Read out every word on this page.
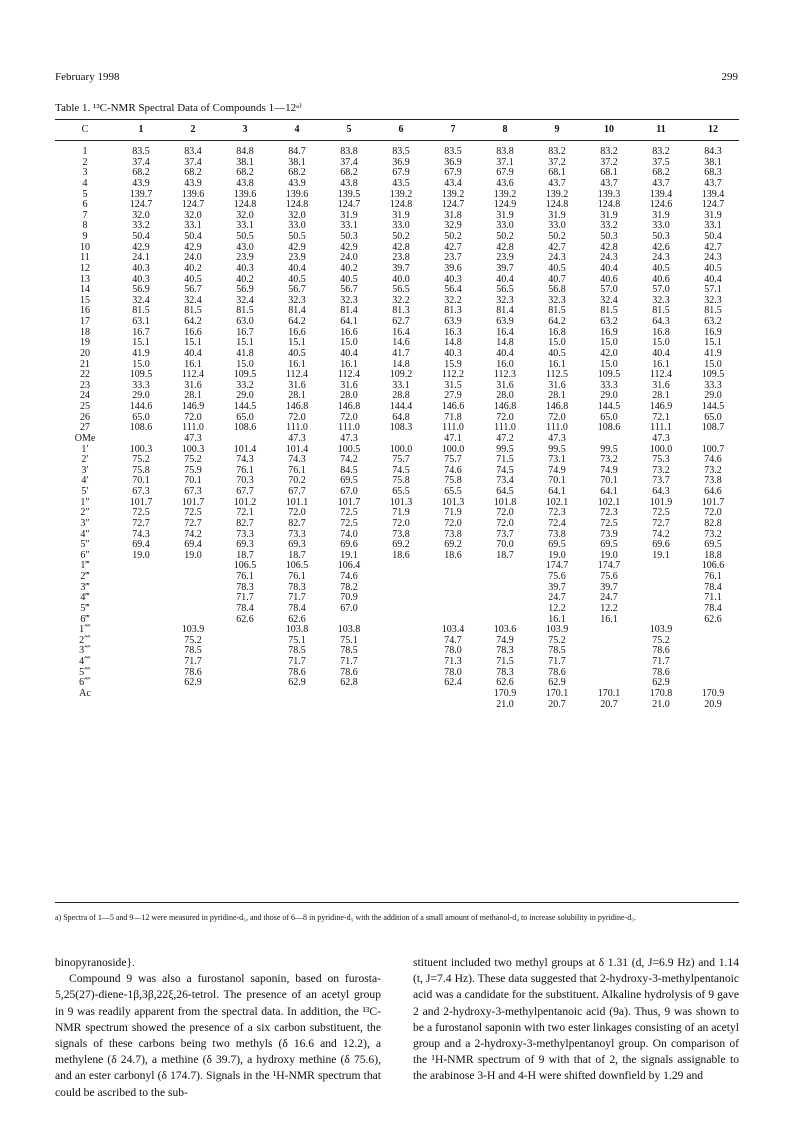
February 1998	299
Table 1. ¹³C-NMR Spectral Data of Compounds 1—12ᵃ⁾
C	1	2	3	4	5	6	7	8	9	10	11	12
1	83.5	83.4	84.8	84.7	83.8	83.5	83.5	83.8	83.2	83.2	83.2	84.3
2	37.4	37.4	38.1	38.1	37.4	36.9	36.9	37.1	37.2	37.2	37.5	38.1
3	68.2	68.2	68.2	68.2	68.2	67.9	67.9	67.9	68.1	68.1	68.2	68.3
4	43.9	43.9	43.8	43.9	43.8	43.5	43.4	43.6	43.7	43.7	43.7	43.7
5	139.7	139.6	139.6	139.6	139.5	139.2	139.2	139.2	139.2	139.3	139.4	139.4
6	124.7	124.7	124.8	124.8	124.7	124.8	124.7	124.9	124.8	124.8	124.6	124.7
7	32.0	32.0	32.0	32.0	31.9	31.9	31.8	31.9	31.9	31.9	31.9	31.9
8	33.2	33.1	33.1	33.0	33.1	33.0	32.9	33.0	33.0	33.2	33.0	33.1
9	50.4	50.4	50.5	50.5	50.3	50.2	50.2	50.2	50.2	50.3	50.3	50.4
10	42.9	42.9	43.0	42.9	42.9	42.8	42.7	42.8	42.7	42.8	42.6	42.7
11	24.1	24.0	23.9	23.9	24.0	23.8	23.7	23.9	24.3	24.3	24.3	24.3
12	40.3	40.2	40.3	40.4	40.2	39.7	39.6	39.7	40.5	40.4	40.5	40.5
13	40.3	40.5	40.2	40.5	40.5	40.0	40.3	40.4	40.7	40.6	40.6	40.4
14	56.9	56.7	56.9	56.7	56.7	56.5	56.4	56.5	56.8	57.0	57.0	57.1
15	32.4	32.4	32.4	32.3	32.3	32.2	32.2	32.3	32.3	32.4	32.3	32.3
16	81.5	81.5	81.5	81.4	81.4	81.3	81.3	81.4	81.5	81.5	81.5	81.5
17	63.1	64.2	63.0	64.2	64.1	62.7	63.9	63.9	64.2	63.2	64.3	63.2
18	16.7	16.6	16.7	16.6	16.6	16.4	16.3	16.4	16.8	16.9	16.8	16.9
19	15.1	15.1	15.1	15.1	15.0	14.6	14.8	14.8	15.0	15.0	15.0	15.1
20	41.9	40.4	41.8	40.5	40.4	41.7	40.3	40.4	40.5	42.0	40.4	41.9
21	15.0	16.1	15.0	16.1	16.1	14.8	15.9	16.0	16.1	15.0	16.1	15.0
22	109.5	112.4	109.5	112.4	112.4	109.2	112.2	112.3	112.5	109.5	112.4	109.5
23	33.3	31.6	33.2	31.6	31.6	33.1	31.5	31.6	31.6	33.3	31.6	33.3
24	29.0	28.1	29.0	28.1	28.0	28.8	27.9	28.0	28.1	29.0	28.1	29.0
25	144.6	146.9	144.5	146.8	146.8	144.4	146.6	146.8	146.8	144.5	146.9	144.5
26	65.0	72.0	65.0	72.0	72.0	64.8	71.8	72.0	72.0	65.0	72.1	65.0
27	108.6	111.0	108.6	111.0	111.0	108.3	111.0	111.0	111.0	108.6	111.1	108.7
OMe		47.3		47.3	47.3		47.1	47.2	47.3		47.3	
1′	100.3	100.3	101.4	101.4	100.5	100.0	100.0	99.5	99.5	99.5	100.0	100.7
2′	75.2	75.2	74.3	74.3	74.2	75.7	75.7	71.5	73.1	73.2	75.3	74.6
3′	75.8	75.9	76.1	76.1	84.5	74.5	74.6	74.5	74.9	74.9	73.2	73.2
4′	70.1	70.1	70.3	70.2	69.5	75.8	75.8	73.4	70.1	70.1	73.7	73.8
5′	67.3	67.3	67.7	67.7	67.0	65.5	65.5	64.5	64.1	64.1	64.3	64.6
1″	101.7	101.7	101.2	101.1	101.7	101.3	101.3	101.8	102.1	102.1	101.9	101.7
2″	72.5	72.5	72.1	72.0	72.5	71.9	71.9	72.0	72.3	72.3	72.5	72.0
3″	72.7	72.7	82.7	82.7	72.5	72.0	72.0	72.0	72.4	72.5	72.7	82.8
4″	74.3	74.2	73.3	73.3	74.0	73.8	73.8	73.7	73.8	73.9	74.2	73.2
5″	69.4	69.4	69.3	69.3	69.6	69.2	69.2	70.0	69.5	69.5	69.6	69.5
6″	19.0	19.0	18.7	18.7	19.1	18.6	18.6	18.7	19.0	19.0	19.1	18.8
1‴			106.5	106.5	106.4				174.7	174.7		106.6
2‴			76.1	76.1	74.6				75.6	75.6		76.1
3‴			78.3	78.3	78.2				39.7	39.7		78.4
4‴			71.7	71.7	70.9				24.7	24.7		71.1
5‴			78.4	78.4	67.0				12.2	12.2		78.4
6‴			62.6	62.6					16.1	16.1		62.6
1⁗		103.9		103.8	103.8		103.4	103.6	103.9		103.9	
2⁗		75.2		75.1	75.1		74.7	74.9	75.2		75.2	
3⁗		78.5		78.5	78.5		78.0	78.3	78.5		78.6	
4⁗		71.7		71.7	71.7		71.3	71.5	71.7		71.7	
5⁗		78.6		78.6	78.6		78.0	78.3	78.6		78.6	
6⁗		62.9		62.9	62.8		62.4	62.6	62.9		62.9	
Ac								170.9	170.1	170.1	170.8	170.9
								21.0	20.7	20.7	21.0	20.9
a) Spectra of 1—5 and 9—12 were measured in pyridine-d₅, and those of 6—8 in pyridine-d₅ with the addition of a small amount of methanol-d₄ to increase solubility in pyridine-d₅.

binopyranoside}.

Compound 9 was also a furostanol saponin, based on furosta-5,25(27)-diene-1β,3β,22ξ,26-tetrol. The presence of an acetyl group in 9 was readily apparent from the spectral data. In addition, the ¹³C-NMR spectrum showed the presence of a six carbon substituent, the signals of these carbons being two methyls (δ 16.6 and 12.2), a methylene (δ 24.7), a methine (δ 39.7), a hydroxy methine (δ 75.6), and an ester carbonyl (δ 174.7). Signals in the ¹H-NMR spectrum that could be ascribed to the sub-

stituent included two methyl groups at δ 1.31 (d, J=6.9 Hz) and 1.14 (t, J=7.4 Hz). These data suggested that 2-hydroxy-3-methylpentanoic acid was a candidate for the substituent. Alkaline hydrolysis of 9 gave 2 and 2-hydroxy-3-methylpentanoic acid (9a). Thus, 9 was shown to be a furostanol saponin with two ester linkages consisting of an acetyl group and a 2-hydroxy-3-methylpentanoyl group. On comparison of the ¹H-NMR spectrum of 9 with that of 2, the signals assignable to the arabinose 3-H and 4-H were shifted downfield by 1.29 and
